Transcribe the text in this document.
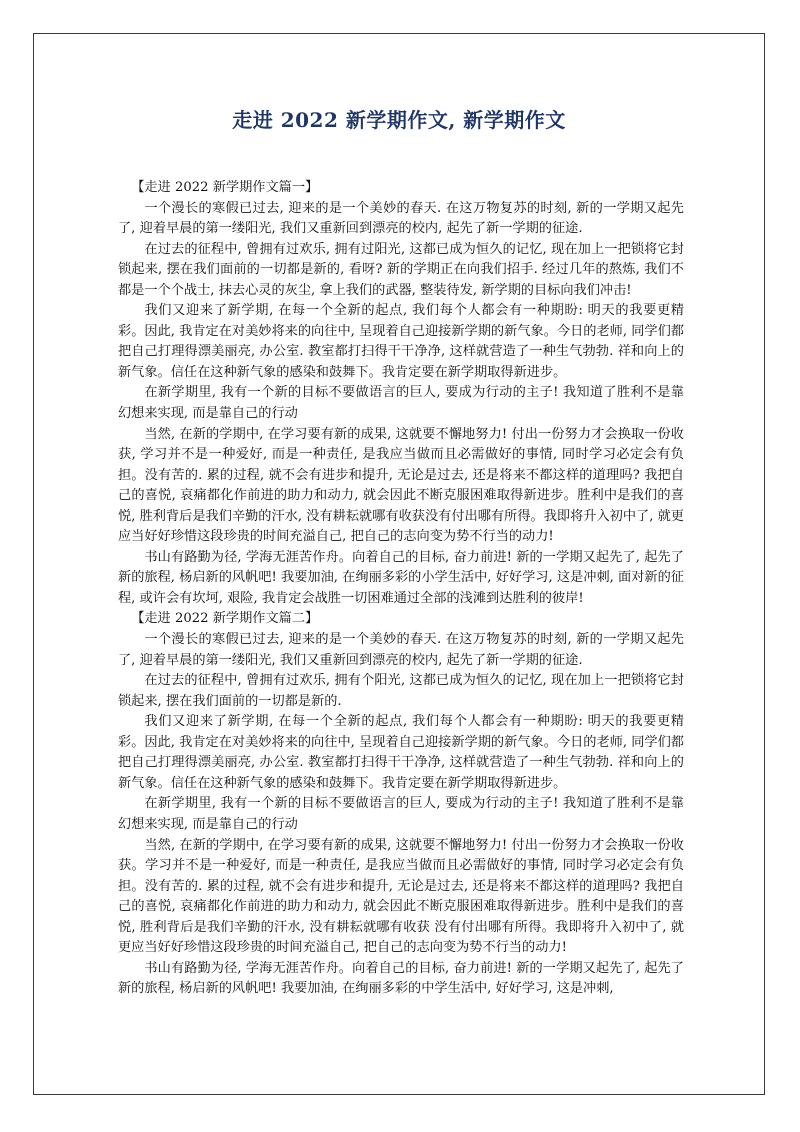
走进 2022 新学期作文, 新学期作文

【走进 2022 新学期作文篇一】

一个漫长的寒假已过去, 迎来的是一个美妙的春天. 在这万物复苏的时刻, 新的一学期又起先了, 迎着早晨的第一缕阳光, 我们又重新回到漂亮的校内, 起先了新一学期的征途.

在过去的征程中, 曾拥有过欢乐, 拥有过阳光, 这都已成为恒久的记忆, 现在加上一把锁将它封锁起来, 摆在我们面前的一切都是新的, 看呀? 新的学期正在向我们招手. 经过几年的熬炼, 我们不都是一个个战士, 抹去心灵的灰尘, 拿上我们的武器, 整装待发, 新学期的目标向我们冲击!

我们又迎来了新学期, 在每一个全新的起点, 我们每个人都会有一种期盼: 明天的我要更精彩。因此, 我肯定在对美妙将来的向往中, 呈现着自己迎接新学期的新气象。今日的老师, 同学们都把自己打理得漂美丽亮, 办公室. 教室都打扫得干干净净, 这样就营造了一种生气勃勃. 祥和向上的新气象。信任在这种新气象的感染和鼓舞下。我肯定要在新学期取得新进步。

在新学期里, 我有一个新的目标不要做语言的巨人, 要成为行动的主子! 我知道了胜利不是靠幻想来实现, 而是靠自己的行动

当然, 在新的学期中, 在学习要有新的成果, 这就要不懈地努力! 付出一份努力才会换取一份收获, 学习并不是一种爱好, 而是一种责任, 是我应当做而且必需做好的事情, 同时学习必定会有负担。没有苦的. 累的过程, 就不会有进步和提升, 无论是过去, 还是将来不都这样的道理吗? 我把自己的喜悦, 哀痛都化作前进的助力和动力, 就会因此不断克服困难取得新进步。胜利中是我们的喜悦, 胜利背后是我们辛勤的汗水, 没有耕耘就哪有收获没有付出哪有所得。我即将升入初中了, 就更应当好好珍惜这段珍贵的时间充溢自己, 把自己的志向变为势不行当的动力!

书山有路勤为径, 学海无涯苦作舟。向着自己的目标, 奋力前进! 新的一学期又起先了, 起先了新的旅程, 杨启新的风帆吧! 我要加油, 在绚丽多彩的小学生活中, 好好学习, 这是冲刺, 面对新的征程, 或许会有坎坷, 艰险, 我肯定会战胜一切困难通过全部的浅滩到达胜利的彼岸!

【走进 2022 新学期作文篇二】

一个漫长的寒假已过去, 迎来的是一个美妙的春天. 在这万物复苏的时刻, 新的一学期又起先了, 迎着早晨的第一缕阳光, 我们又重新回到漂亮的校内, 起先了新一学期的征途.

在过去的征程中, 曾拥有过欢乐, 拥有个阳光, 这都已成为恒久的记忆, 现在加上一把锁将它封锁起来, 摆在我们面前的一切都是新的.

我们又迎来了新学期, 在每一个全新的起点, 我们每个人都会有一种期盼: 明天的我要更精彩。因此, 我肯定在对美妙将来的向往中, 呈现着自己迎接新学期的新气象。今日的老师, 同学们都把自己打理得漂美丽亮, 办公室. 教室都打扫得干干净净, 这样就营造了一种生气勃勃. 祥和向上的新气象。信任在这种新气象的感染和鼓舞下。我肯定要在新学期取得新进步。

在新学期里, 我有一个新的目标不要做语言的巨人, 要成为行动的主子! 我知道了胜利不是靠幻想来实现, 而是靠自己的行动

当然, 在新的学期中, 在学习要有新的成果, 这就要不懈地努力! 付出一份努力才会换取一份收获。学习并不是一种爱好, 而是一种责任, 是我应当做而且必需做好的事情, 同时学习必定会有负担。没有苦的. 累的过程, 就不会有进步和提升, 无论是过去, 还是将来不都这样的道理吗? 我把自己的喜悦, 哀痛都化作前进的助力和动力, 就会因此不断克服困难取得新进步。胜利中是我们的喜悦, 胜利背后是我们辛勤的汗水, 没有耕耘就哪有收获 没有付出哪有所得。我即将升入初中了, 就更应当好好珍惜这段珍贵的时间充溢自己, 把自己的志向变为势不行当的动力!

书山有路勤为径, 学海无涯苦作舟。向着自己的目标, 奋力前进! 新的一学期又起先了, 起先了新的旅程, 杨启新的风帆吧! 我要加油, 在绚丽多彩的中学生活中, 好好学习, 这是冲刺,
